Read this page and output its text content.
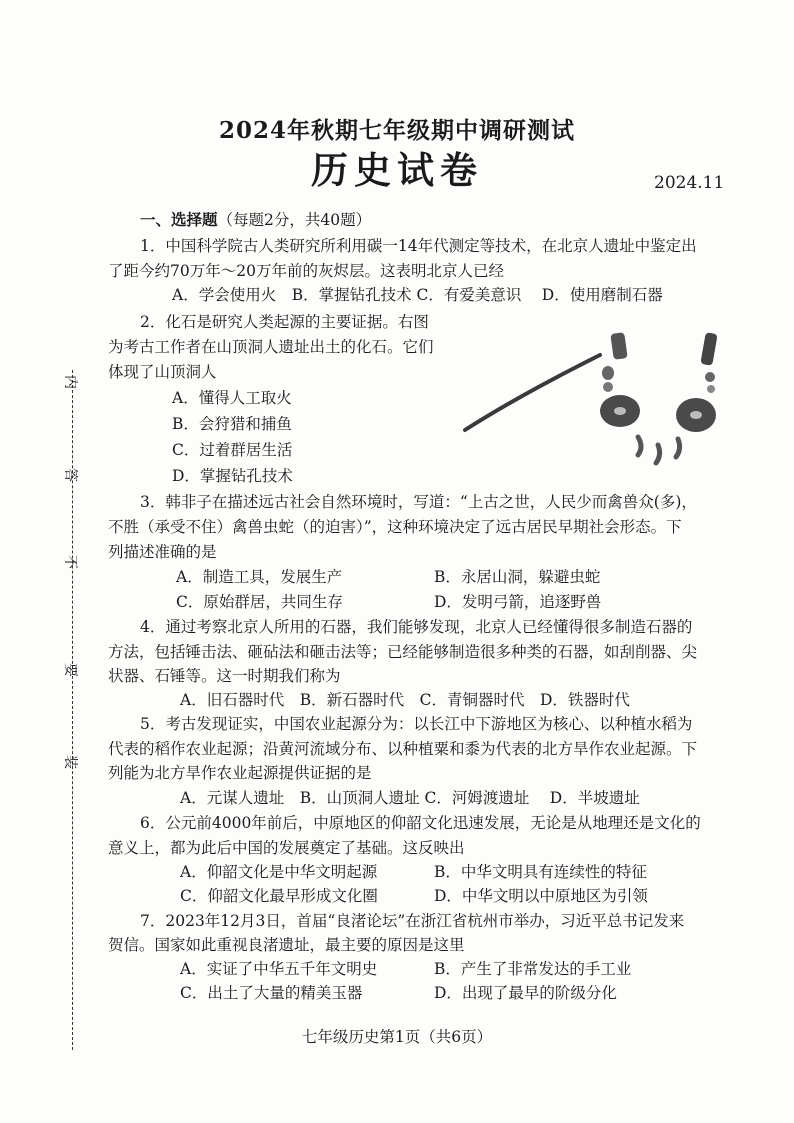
内
答
不
要
装
2024年秋期七年级期中调研测试
历史试卷	2024.11
一、选择题（每题2分，共40题）
1．中国科学院古人类研究所利用碳一14年代测定等技术，在北京人遗址中鉴定出
了距今约70万年～20万年前的灰烬层。这表明北京人已经
A．学会使用火　B．掌握钻孔技术 C．有爱美意识　 D．使用磨制石器
2．化石是研究人类起源的主要证据。右图
为考古工作者在山顶洞人遗址出土的化石。它们
体现了山顶洞人
A．懂得人工取火
B．会狩猎和捕鱼
C．过着群居生活
D．掌握钻孔技术
3．韩非子在描述远古社会自然环境时，写道：“上古之世，人民少而禽兽众(多)，
不胜（承受不住）禽兽虫蛇（的迫害）”，这种环境决定了远古居民早期社会形态。下
列描述准确的是
A．制造工具，发展生产	B．永居山洞，躲避虫蛇
C．原始群居，共同生存	D．发明弓箭，追逐野兽
4．通过考察北京人所用的石器，我们能够发现，北京人已经懂得很多制造石器的
方法，包括锤击法、砸砧法和砸击法等；已经能够制造很多种类的石器，如刮削器、尖
状器、石锤等。这一时期我们称为
A．旧石器时代　B．新石器时代　C．青铜器时代　D．铁器时代
5．考古发现证实，中国农业起源分为：以长江中下游地区为核心、以种植水稻为
代表的稻作农业起源；沿黄河流域分布、以种植粟和黍为代表的北方旱作农业起源。下
列能为北方旱作农业起源提供证据的是
A．元谋人遗址　B．山顶洞人遗址 C．河姆渡遗址　 D．半坡遗址
6．公元前4000年前后，中原地区的仰韶文化迅速发展，无论是从地理还是文化的
意义上，都为此后中国的发展奠定了基础。这反映出
A．仰韶文化是中华文明起源	B．中华文明具有连续性的特征
C．仰韶文化最早形成文化圈	D．中华文明以中原地区为引领
7．2023年12月3日，首届“良渚论坛”在浙江省杭州市举办，习近平总书记发来
贺信。国家如此重视良渚遗址，最主要的原因是这里
A．实证了中华五千年文明史	B．产生了非常发达的手工业
C．出土了大量的精美玉器	D．出现了最早的阶级分化
七年级历史第1页（共6页）
